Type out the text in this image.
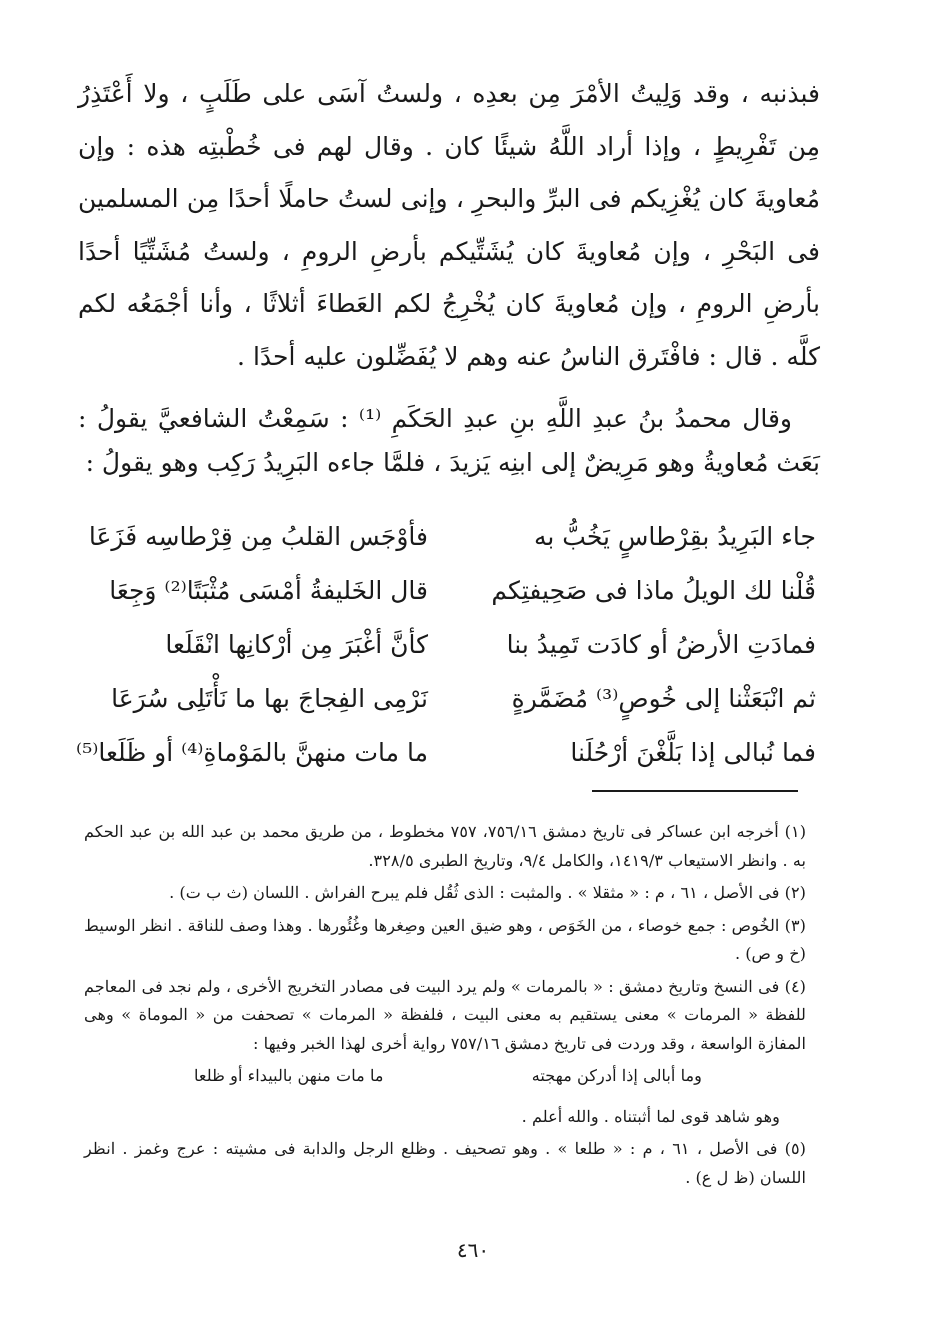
فبذنبه ، وقد وَلِيتُ الأمْرَ مِن بعدِه ، ولستُ آسَى على طَلَبٍ ، ولا أَعْتَذِرُ مِن تَفْرِيطٍ ، وإذا أراد اللَّهُ شيئًا كان . وقال لهم فى خُطْبتِه هذه : وإن مُعاويةَ كان يُغْزِيكم فى البرِّ والبحرِ ، وإنى لستُ حاملًا أحدًا مِن المسلمين فى البَحْرِ ، وإن مُعاويةَ كان يُشَتِّيكم بأرضِ الرومِ ، ولستُ مُشَتِّيًا أحدًا بأرضِ الرومِ ، وإن مُعاويةَ كان يُخْرِجُ لكم العَطاءَ أثلاثًا ، وأنا أجْمَعُه لكم كلَّه . قال : فافْتَرق الناسُ عنه وهم لا يُفَضِّلون عليه أحدًا .

وقال محمدُ بنُ عبدِ اللَّهِ بنِ عبدِ الحَكَمِ ⁽¹⁾ : سَمِعْتُ الشافعيَّ يقولُ : بَعَث مُعاويةُ وهو مَرِيضٌ إلى ابنِه يَزيدَ ، فلمَّا جاءه البَرِيدُ رَكِب وهو يقولُ :

جاء البَرِيدُ بقِرْطاسٍ يَخُبُّ به
فأوْجَس القلبُ مِن قِرْطاسِه فَزَعَا
قُلْنا لك الويلُ ماذا فى صَحِيفتِكم
قال الخَليفةُ أمْسَى مُثْبَتًا⁽²⁾ وَجِعَا
فمادَتِ الأرضُ أو كادَت تَمِيدُ بنا
كأنَّ أغْبَرَ مِن أرْكانِها انْقَلَعا
ثم انْبَعَثْنا إلى خُوصٍ⁽³⁾ مُضَمَّرةٍ
نَرْمِى الفِجاجَ بها ما نَأْتَلِى سُرَعَا
فما نُبالى إذا بَلَّغْنَ أرْحُلَنا
ما مات منهنَّ بالمَوْماةِ⁽⁴⁾ أو ظَلَعا⁽⁵⁾

(١) أخرجه ابن عساكر فى تاريخ دمشق ٧٥٦/١٦، ٧٥٧ مخطوط ، من طريق محمد بن عبد الله بن عبد الحكم به . وانظر الاستيعاب ١٤١٩/٣، والكامل ٩/٤، وتاريخ الطبرى ٣٢٨/٥.

(٢) فى الأصل ، ٦١ ، م : « مثقلا » . والمثبت : الذى ثُقُل فلم يبرح الفراش . اللسان (ث ب ت) .

(٣) الخُوص : جمع خوصاء ، من الخَوَص ، وهو ضيق العين وصِغرها وغُئُورها . وهذا وصف للناقة . انظر الوسيط (خ و ص) .

(٤) فى النسخ وتاريخ دمشق : « بالمرمات » ولم يرد البيت فى مصادر التخريج الأخرى ، ولم نجد فى المعاجم للفظة « المرمات » معنى يستقيم به معنى البيت ، فلفظة « المرمات » تصحفت من « الموماة » وهى المفازة الواسعة ، وقد وردت فى تاريخ دمشق ٧٥٧/١٦ رواية أخرى لهذا الخبر وفيها :

وما أبالى إذا أدركن مهجته
ما مات منهن بالبيداء أو ظلعا

وهو شاهد قوى لما أثبتناه . والله أعلم .

(٥) فى الأصل ، ٦١ ، م : « طلعا » . وهو تصحيف . وظلع الرجل والدابة فى مشيته : عرج وغمز . انظر اللسان (ظ ل ع) .

٤٦٠
